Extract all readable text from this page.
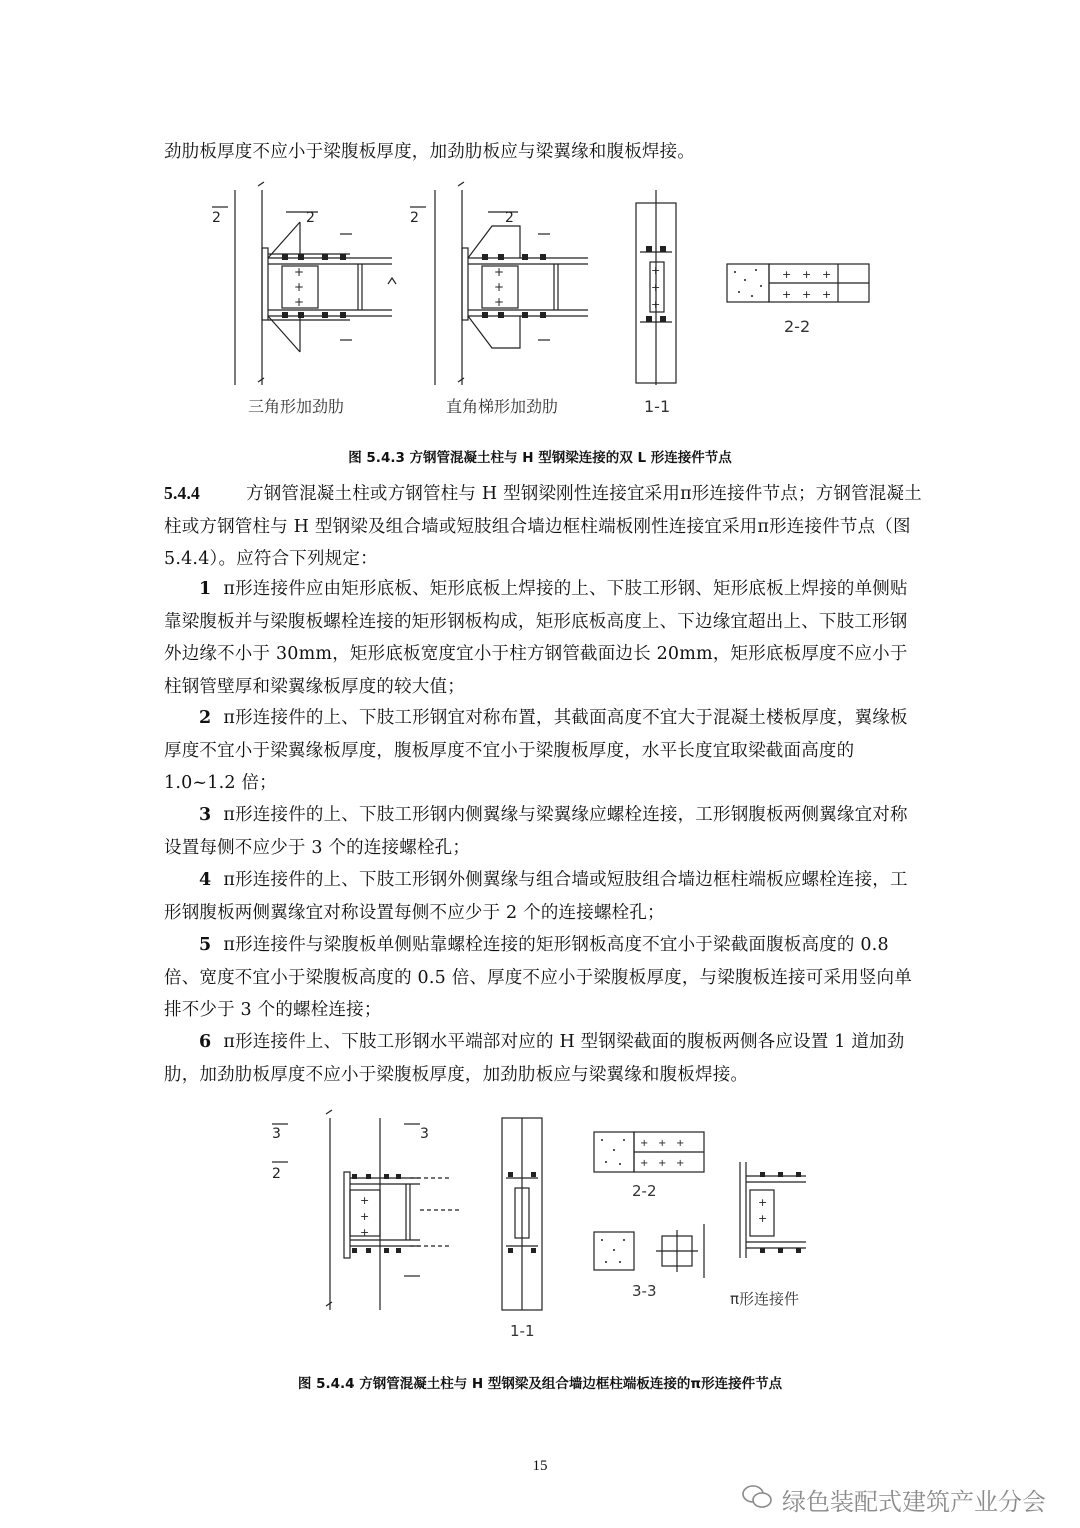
劲肋板厚度不应小于梁腹板厚度，加劲肋板应与梁翼缘和腹板焊接。

+
+
+
+
+
+
+
+
+
+ + +
+ + +
2	2	2	2
三角形加劲肋	直角梯形加劲肋	1-1
2-2
图 5.4.3 方钢管混凝土柱与 H 型钢梁连接的双 L 形连接件节点

5.4.4	方钢管混凝土柱或方钢管柱与 H 型钢梁刚性连接宜采用π形连接件节点；方钢管混凝土柱或方钢管柱与 H 型钢梁及组合墙或短肢组合墙边框柱端板刚性连接宜采用π形连接件节点（图 5.4.4）。应符合下列规定：

1 π形连接件应由矩形底板、矩形底板上焊接的上、下肢工形钢、矩形底板上焊接的单侧贴靠梁腹板并与梁腹板螺栓连接的矩形钢板构成，矩形底板高度上、下边缘宜超出上、下肢工形钢外边缘不小于 30mm，矩形底板宽度宜小于柱方钢管截面边长 20mm，矩形底板厚度不应小于柱钢管壁厚和梁翼缘板厚度的较大值；

2 π形连接件的上、下肢工形钢宜对称布置，其截面高度不宜大于混凝土楼板厚度，翼缘板厚度不宜小于梁翼缘板厚度，腹板厚度不宜小于梁腹板厚度，水平长度宜取梁截面高度的 1.0~1.2 倍；

3 π形连接件的上、下肢工形钢内侧翼缘与梁翼缘应螺栓连接，工形钢腹板两侧翼缘宜对称设置每侧不应少于 3 个的连接螺栓孔；

4 π形连接件的上、下肢工形钢外侧翼缘与组合墙或短肢组合墙边框柱端板应螺栓连接，工形钢腹板两侧翼缘宜对称设置每侧不应少于 2 个的连接螺栓孔；

5 π形连接件与梁腹板单侧贴靠螺栓连接的矩形钢板高度不宜小于梁截面腹板高度的 0.8 倍、宽度不宜小于梁腹板高度的 0.5 倍、厚度不应小于梁腹板厚度，与梁腹板连接可采用竖向单排不少于 3 个的螺栓连接；

6 π形连接件上、下肢工形钢水平端部对应的 H 型钢梁截面的腹板两侧各应设置 1 道加劲肋，加劲肋板厚度不应小于梁腹板厚度，加劲肋板应与梁翼缘和腹板焊接。

+
+
+
+ + +
+ + +
+
+
3
2
3
1-1
2-2
3-3	π形连接件
图 5.4.4 方钢管混凝土柱与 H 型钢梁及组合墙边框柱端板连接的π形连接件节点
15
绿色装配式建筑产业分会
